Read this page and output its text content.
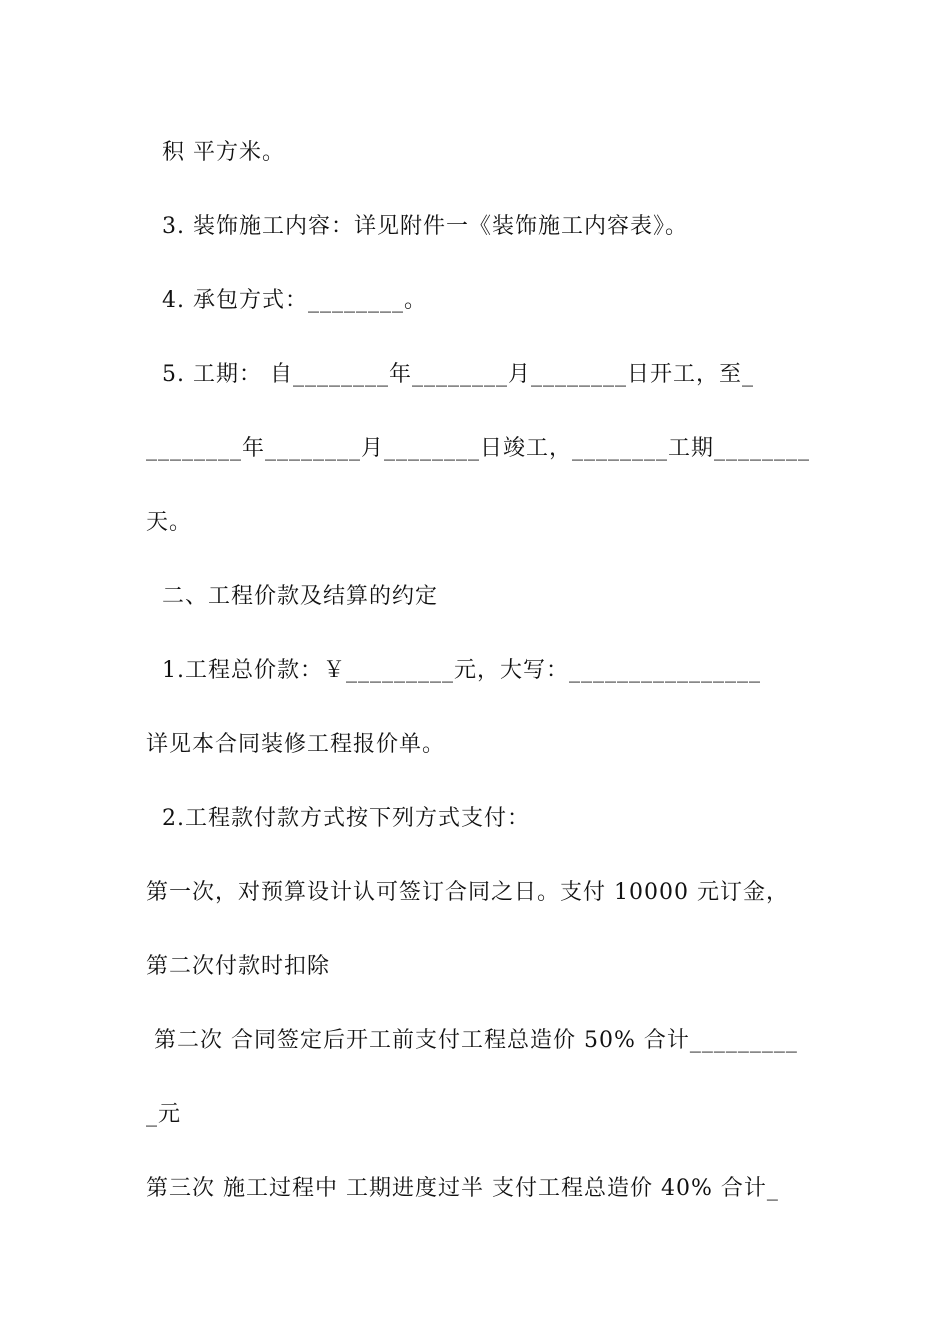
积 平方米。
3. 装饰施工内容：详见附件一《装饰施工内容表》。
4. 承包方式：________。
5. 工期： 自________年________月________日开工，至_
________年________月________日竣工，________工期________
天。
二、工程价款及结算的约定
1.工程总价款：￥_________元，大写：________________
详见本合同装修工程报价单。
2.工程款付款方式按下列方式支付：
第一次，对预算设计认可签订合同之日。支付 10000 元订金，
第二次付款时扣除
第二次 合同签定后开工前支付工程总造价 50% 合计_________
_元
第三次 施工过程中 工期进度过半 支付工程总造价 40% 合计_
